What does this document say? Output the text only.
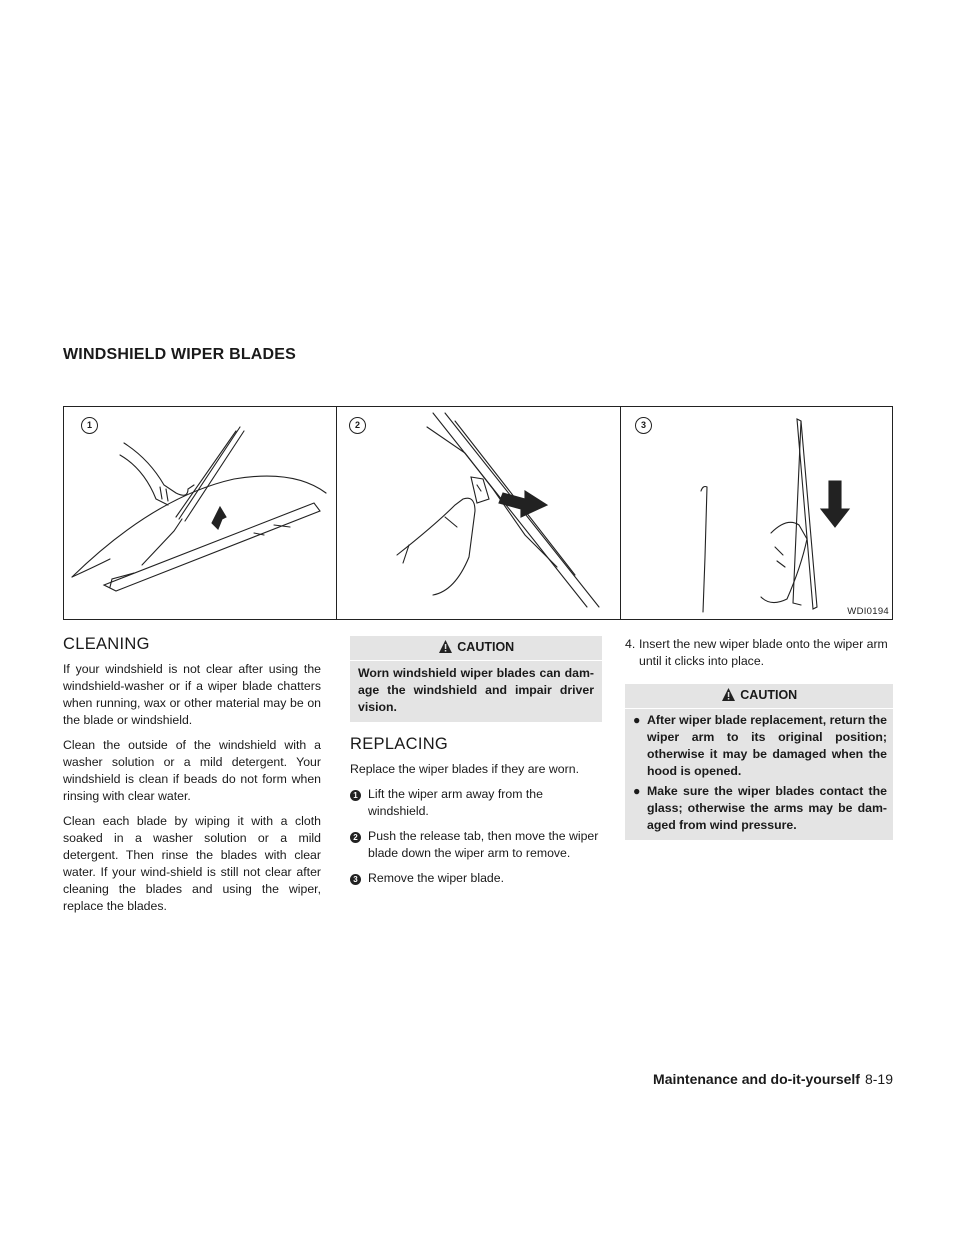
WINDSHIELD WIPER BLADES
1	2	3
WDI0194
CLEANING

If your windshield is not clear after using the windshield-washer or if a wiper blade chatters when running, wax or other material may be on the blade or windshield.

Clean the outside of the windshield with a washer solution or a mild detergent. Your windshield is clean if beads do not form when rinsing with clear water.

Clean each blade by wiping it with a cloth soaked in a washer solution or a mild detergent. Then rinse the blades with clear water. If your wind-shield is still not clear after cleaning the blades and using the wiper, replace the blades.

CAUTION
Worn windshield wiper blades can dam-age the windshield and impair driver vision.
REPLACING

Replace the wiper blades if they are worn.

1 Lift the wiper arm away from the windshield.
2 Push the release tab, then move the wiper blade down the wiper arm to remove.
3 Remove the wiper blade.
4. Insert the new wiper blade onto the wiper arm until it clicks into place.
CAUTION
● After wiper blade replacement, return the wiper arm to its original position; otherwise it may be damaged when the hood is opened.
● Make sure the wiper blades contact the glass; otherwise the arms may be dam-aged from wind pressure.
Maintenance and do-it-yourself 8-19
